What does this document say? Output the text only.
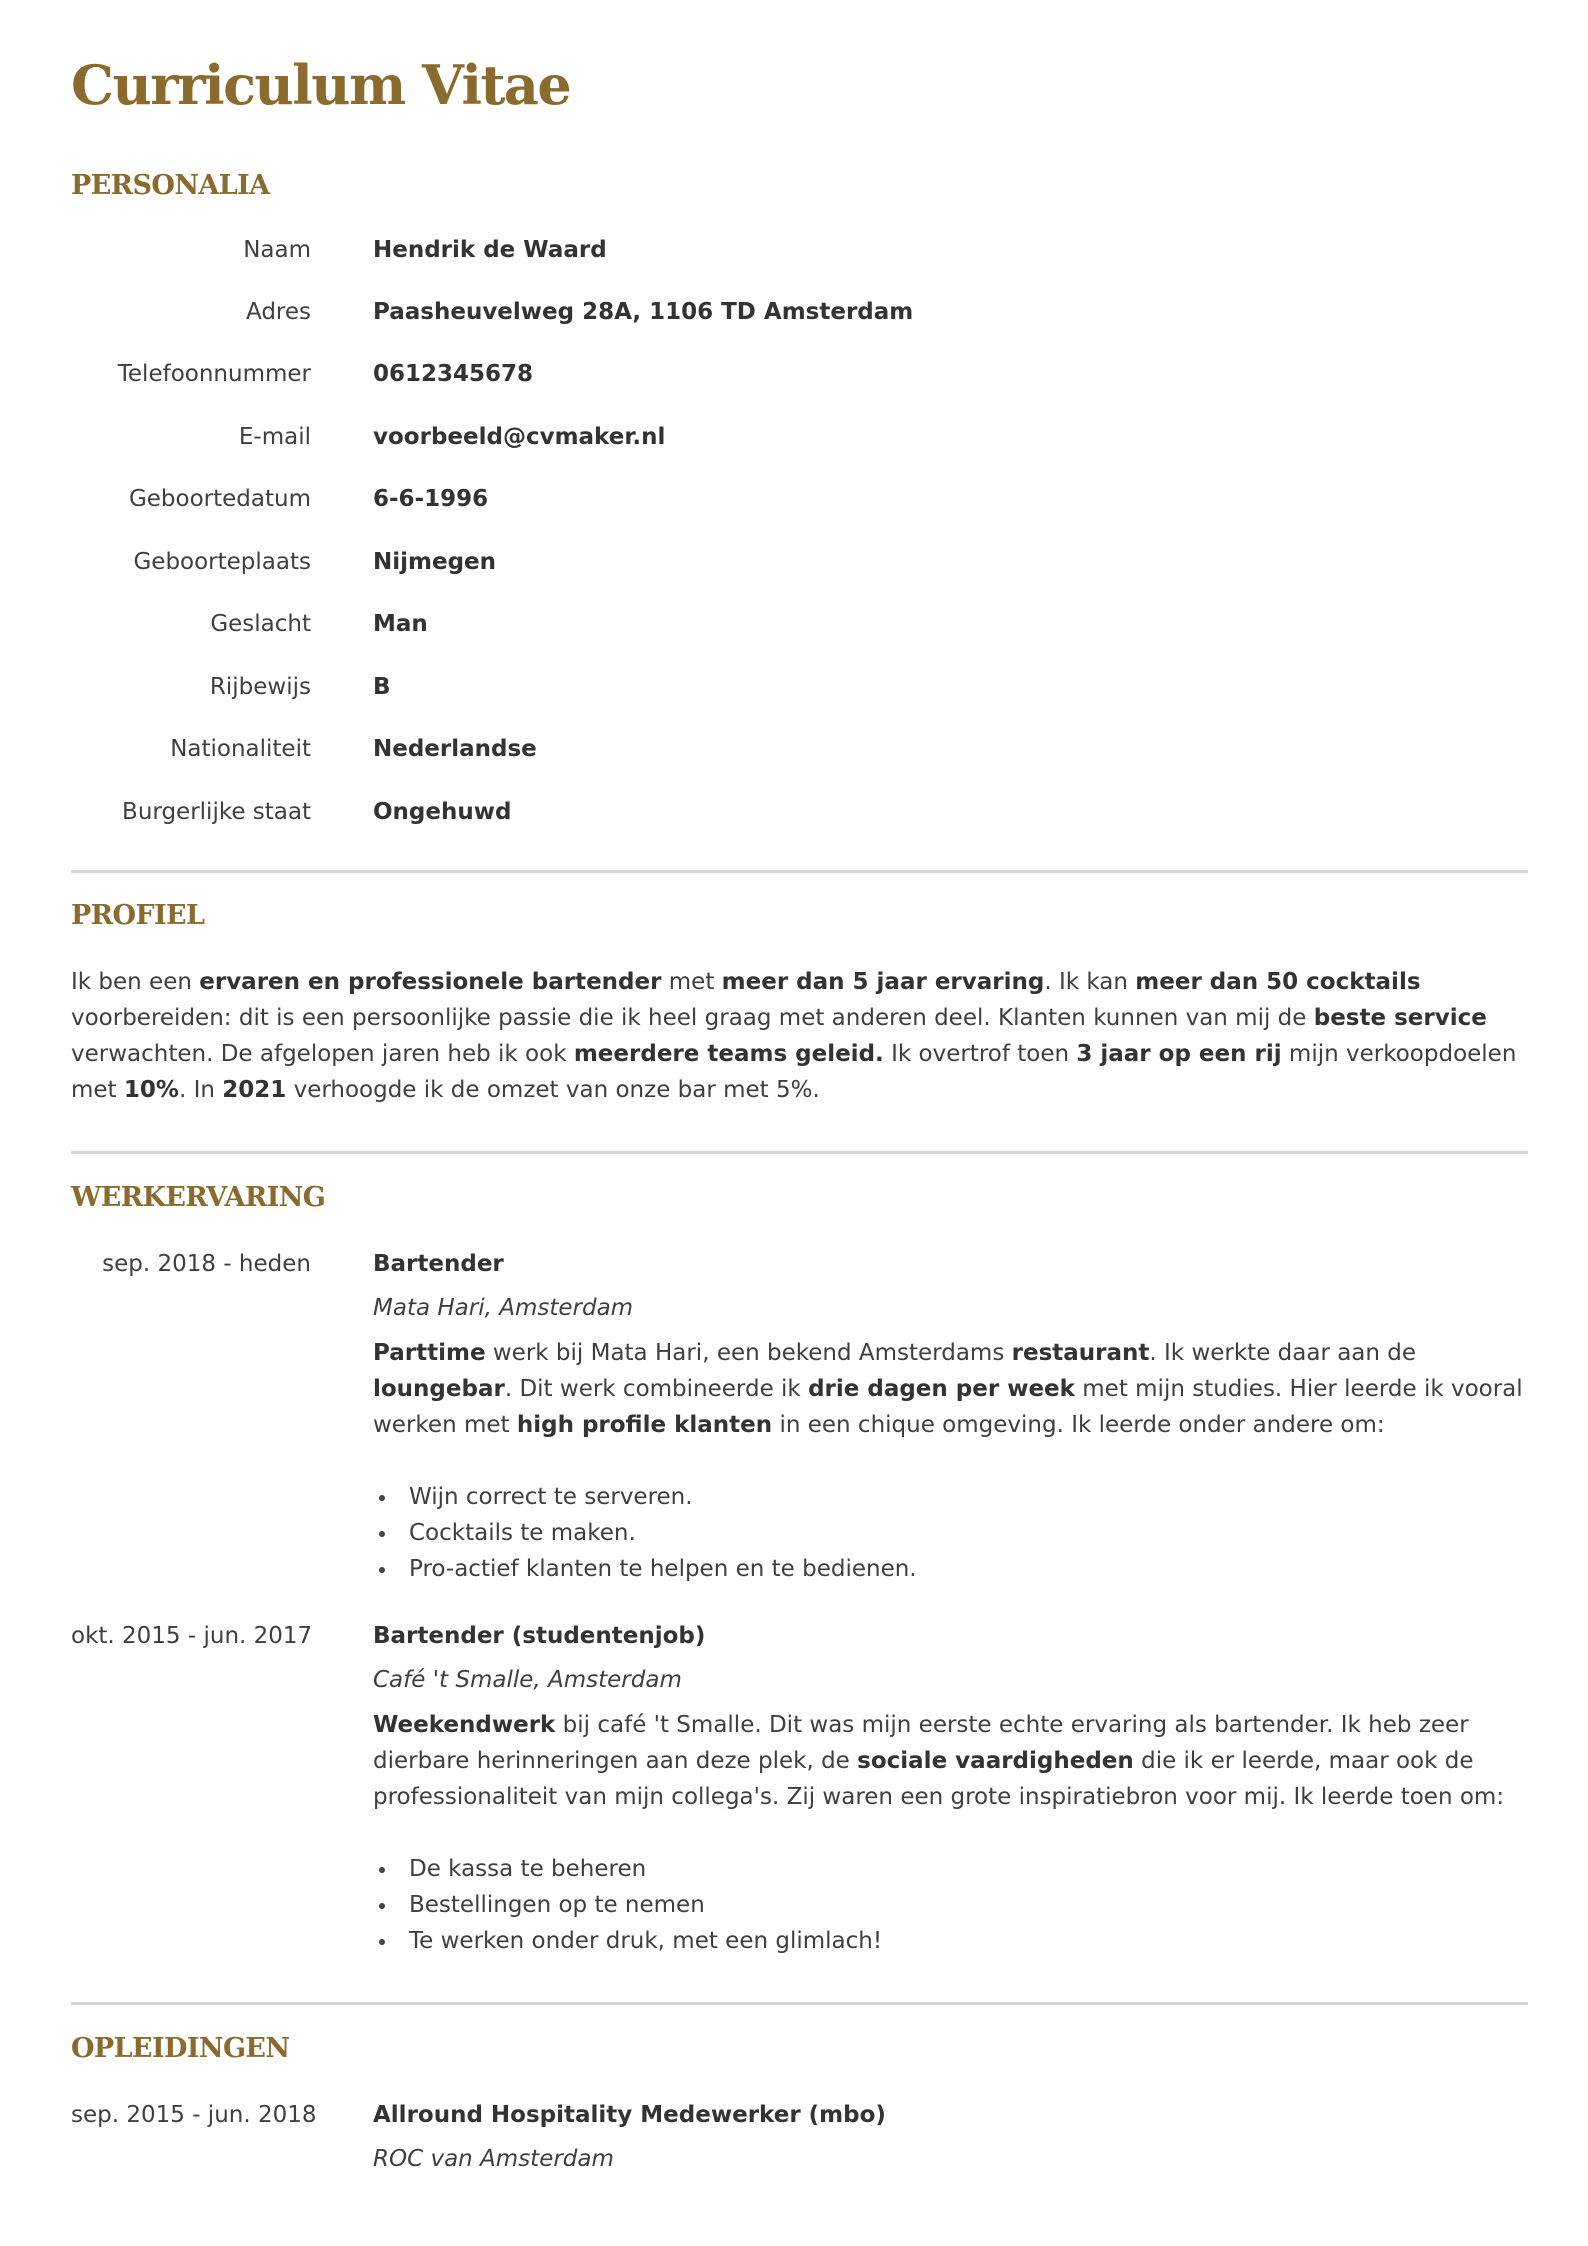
Curriculum Vitae
PERSONALIA
Naam	Hendrik de Waard
Adres	Paasheuvelweg 28A, 1106 TD Amsterdam
Telefoonnummer	0612345678
E-mail	voorbeeld@cvmaker.nl
Geboortedatum	6-6-1996
Geboorteplaats	Nijmegen
Geslacht	Man
Rijbewijs	B
Nationaliteit	Nederlandse
Burgerlijke staat	Ongehuwd
PROFIEL

Ik ben een ervaren en professionele bartender met meer dan 5 jaar ervaring. Ik kan meer dan 50 cocktails voorbereiden: dit is een persoonlijke passie die ik heel graag met anderen deel. Klanten kunnen van mij de beste service verwachten. De afgelopen jaren heb ik ook meerdere teams geleid. Ik overtrof toen 3 jaar op een rij mijn verkoopdoelen met 10%. In 2021 verhoogde ik de omzet van onze bar met 5%.

WERKERVARING
sep. 2018 - heden	Bartender
Mata Hari, Amsterdam

Parttime werk bij Mata Hari, een bekend Amsterdams restaurant. Ik werkte daar aan de loungebar. Dit werk combineerde ik drie dagen per week met mijn studies. Hier leerde ik vooral werken met high profile klanten in een chique omgeving. Ik leerde onder andere om:

Wijn correct te serveren.
Cocktails te maken.
Pro-actief klanten te helpen en te bedienen.
okt. 2015 - jun. 2017	Bartender (studentenjob)
Café 't Smalle, Amsterdam

Weekendwerk bij café 't Smalle. Dit was mijn eerste echte ervaring als bartender. Ik heb zeer dierbare herinneringen aan deze plek, de sociale vaardigheden die ik er leerde, maar ook de professionaliteit van mijn collega's. Zij waren een grote inspiratiebron voor mij. Ik leerde toen om:

De kassa te beheren
Bestellingen op te nemen
Te werken onder druk, met een glimlach!
OPLEIDINGEN
sep. 2015 - jun. 2018 Allround Hospitality Medewerker (mbo)
ROC van Amsterdam
